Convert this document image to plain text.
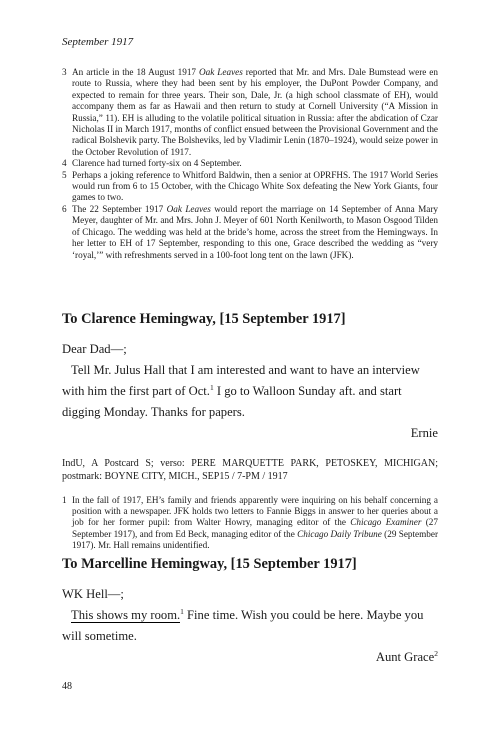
September 1917
3 An article in the 18 August 1917 Oak Leaves reported that Mr. and Mrs. Dale Bumstead were en route to Russia, where they had been sent by his employer, the DuPont Powder Company, and expected to remain for three years. Their son, Dale, Jr. (a high school classmate of EH), would accompany them as far as Hawaii and then return to study at Cornell University (“A Mission in Russia,” 11). EH is alluding to the volatile political situation in Russia: after the abdication of Czar Nicholas II in March 1917, months of conflict ensued between the Provisional Government and the radical Bolshevik party. The Bolsheviks, led by Vladimir Lenin (1870–1924), would seize power in the October Revolution of 1917.
4 Clarence had turned forty-six on 4 September.
5 Perhaps a joking reference to Whitford Baldwin, then a senior at OPRFHS. The 1917 World Series would run from 6 to 15 October, with the Chicago White Sox defeating the New York Giants, four games to two.
6 The 22 September 1917 Oak Leaves would report the marriage on 14 September of Anna Mary Meyer, daughter of Mr. and Mrs. John J. Meyer of 601 North Kenilworth, to Mason Osgood Tilden of Chicago. The wedding was held at the bride’s home, across the street from the Hemingways. In her letter to EH of 17 September, responding to this one, Grace described the wedding as “very ‘royal,’” with refreshments served in a 100-foot long tent on the lawn (JFK).
To Clarence Hemingway, [15 September 1917]
Dear Dad—;
Tell Mr. Julus Hall that I am interested and want to have an interview with him the first part of Oct.$^1$ I go to Walloon Sunday aft. and start digging Monday. Thanks for papers.
Ernie
IndU, A Postcard S; verso: PERE MARQUETTE PARK, PETOSKEY, MICHIGAN; postmark: BOYNE CITY, MICH., SEP15 / 7-PM / 1917
1 In the fall of 1917, EH’s family and friends apparently were inquiring on his behalf concerning a position with a newspaper. JFK holds two letters to Fannie Biggs in answer to her queries about a job for her former pupil: from Walter Howry, managing editor of the Chicago Examiner (27 September 1917), and from Ed Beck, managing editor of the Chicago Daily Tribune (29 September 1917). Mr. Hall remains unidentified.
To Marcelline Hemingway, [15 September 1917]
WK Hell—;
This shows my room.$^1$ Fine time. Wish you could be here. Maybe you will sometime.
Aunt Grace$^2$
48
